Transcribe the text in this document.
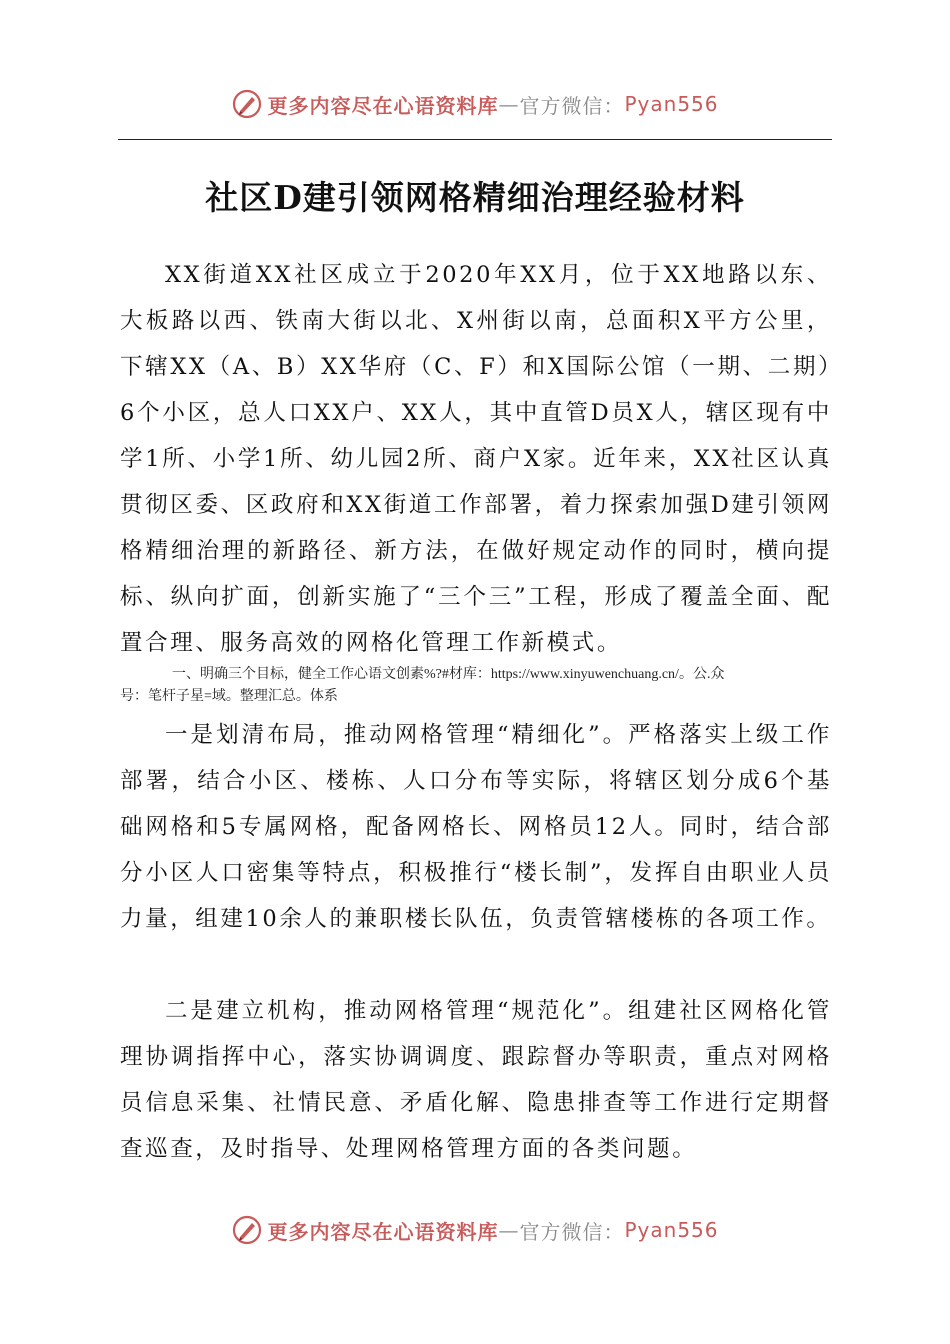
更多内容尽在心语资料库 — 官方微信： Pyan556
社区D建引领网格精细治理经验材料

XX街道XX社区成立于2020年XX月，位于XX地路以东、大板路以西、铁南大街以北、X州街以南，总面积X平方公里，下辖XX（A、B）XX华府（C、F）和X国际公馆（一期、二期）6个小区，总人口XX户、XX人，其中直管D员X人，辖区现有中学1所、小学1所、幼儿园2所、商户X家。近年来，XX社区认真贯彻区委、区政府和XX街道工作部署，着力探索加强D建引领网格精细治理的新路径、新方法，在做好规定动作的同时，横向提标、纵向扩面，创新实施了“三个三”工程，形成了覆盖全面、配置合理、服务高效的网格化管理工作新模式。

一、明确三个目标，健全工作心语文创素%?#材库：https://www.xinyuwenchuang.cn/。公.众
号：笔杆子星=域。整理汇总。体系

一是划清布局，推动网格管理“精细化”。严格落实上级工作部署，结合小区、楼栋、人口分布等实际，将辖区划分成6个基础网格和5专属网格，配备网格长、网格员12人。同时，结合部分小区人口密集等特点，积极推行“楼长制”，发挥自由职业人员力量，组建10余人的兼职楼长队伍，负责管辖楼栋的各项工作。

二是建立机构，推动网格管理“规范化”。组建社区网格化管理协调指挥中心，落实协调调度、跟踪督办等职责，重点对网格员信息采集、社情民意、矛盾化解、隐患排查等工作进行定期督查巡查，及时指导、处理网格管理方面的各类问题。

更多内容尽在心语资料库 — 官方微信： Pyan556
